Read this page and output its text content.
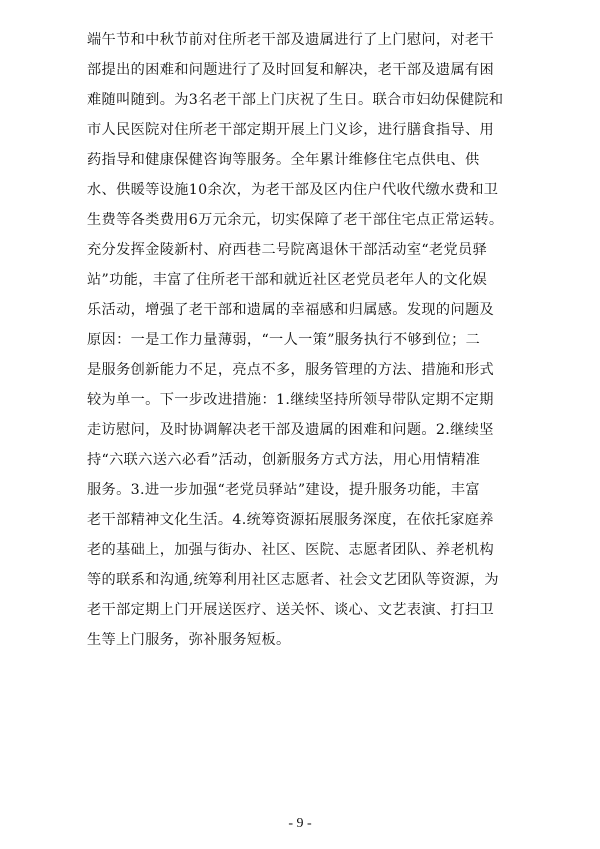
端午节和中秋节前对住所老干部及遗属进行了上门慰问，对老干
部提出的困难和问题进行了及时回复和解决，老干部及遗属有困
难随叫随到。为3名老干部上门庆祝了生日。联合市妇幼保健院和
市人民医院对住所老干部定期开展上门义诊，进行膳食指导、用
药指导和健康保健咨询等服务。全年累计维修住宅点供电、供
水、供暖等设施10余次，为老干部及区内住户代收代缴水费和卫
生费等各类费用6万元余元，切实保障了老干部住宅点正常运转。
充分发挥金陵新村、府西巷二号院离退休干部活动室“老党员驿
站”功能，丰富了住所老干部和就近社区老党员老年人的文化娱
乐活动，增强了老干部和遗属的幸福感和归属感。发现的问题及
原因：一是工作力量薄弱，“一人一策”服务执行不够到位；二
是服务创新能力不足，亮点不多，服务管理的方法、措施和形式
较为单一。下一步改进措施：1.继续坚持所领导带队定期不定期
走访慰问，及时协调解决老干部及遗属的困难和问题。2.继续坚
持“六联六送六必看”活动，创新服务方式方法，用心用情精准
服务。3.进一步加强“老党员驿站”建设，提升服务功能，丰富
老干部精神文化生活。4.统筹资源拓展服务深度，在依托家庭养
老的基础上，加强与街办、社区、医院、志愿者团队、养老机构
等的联系和沟通,统筹利用社区志愿者、社会文艺团队等资源，为
老干部定期上门开展送医疗、送关怀、谈心、文艺表演、打扫卫
生等上门服务，弥补服务短板。
- 9 -
